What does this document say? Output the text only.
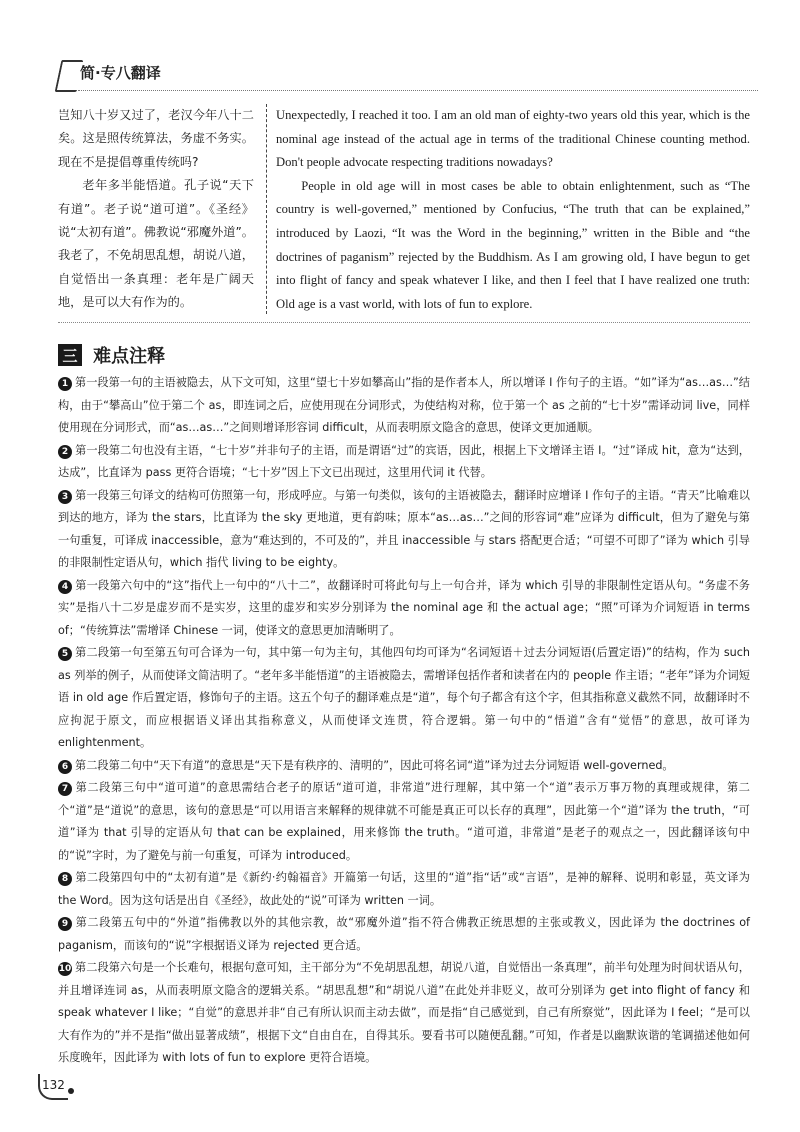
简·专八翻译

岂知八十岁又过了，老汉今年八十二矣。这是照传统算法，务虚不务实。现在不是提倡尊重传统吗?

老年多半能悟道。孔子说“天下有道”。老子说“道可道”。《圣经》说“太初有道”。佛教说“邪魔外道”。我老了，不免胡思乱想，胡说八道，自觉悟出一条真理：老年是广阔天地，是可以大有作为的。

Unexpectedly, I reached it too. I am an old man of eighty-two years old this year, which is the nominal age instead of the actual age in terms of the traditional Chinese counting method. Don't people advocate respecting traditions nowadays?

People in old age will in most cases be able to obtain enlightenment, such as “The country is well-governed,” mentioned by Confucius, “The truth that can be explained,” introduced by Laozi, “It was the Word in the beginning,” written in the Bible and “the doctrines of paganism” rejected by the Buddhism. As I am growing old, I have begun to get into flight of fancy and speak whatever I like, and then I feel that I have realized one truth: Old age is a vast world, with lots of fun to explore.

三 难点注释

1 第一段第一句的主语被隐去，从下文可知，这里“望七十岁如攀高山”指的是作者本人，所以增译 I 作句子的主语。“如”译为“as…as…”结构，由于“攀高山”位于第二个 as，即连词之后，应使用现在分词形式，为使结构对称，位于第一个 as 之前的“七十岁”需译动词 live，同样使用现在分词形式，而“as…as…”之间则增译形容词 difficult，从而表明原文隐含的意思，使译文更加通顺。

2 第一段第二句也没有主语，“七十岁”并非句子的主语，而是谓语“过”的宾语，因此，根据上下文增译主语 I。“过”译成 hit，意为“达到，达成”，比直译为 pass 更符合语境；“七十岁”因上下文已出现过，这里用代词 it 代替。

3 第一段第三句译文的结构可仿照第一句，形成呼应。与第一句类似，该句的主语被隐去，翻译时应增译 I 作句子的主语。“青天”比喻难以到达的地方，译为 the stars，比直译为 the sky 更地道，更有韵味；原本“as…as…”之间的形容词“难”应译为 difficult，但为了避免与第一句重复，可译成 inaccessible，意为“难达到的，不可及的”，并且 inaccessible 与 stars 搭配更合适；“可望不可即了”译为 which 引导的非限制性定语从句，which 指代 living to be eighty。

4 第一段第六句中的“这”指代上一句中的“八十二”，故翻译时可将此句与上一句合并，译为 which 引导的非限制性定语从句。“务虚不务实”是指八十二岁是虚岁而不是实岁，这里的虚岁和实岁分别译为 the nominal age 和 the actual age；“照”可译为介词短语 in terms of；“传统算法”需增译 Chinese 一词，使译文的意思更加清晰明了。

5 第二段第一句至第五句可合译为一句，其中第一句为主句，其他四句均可译为“名词短语＋过去分词短语(后置定语)”的结构，作为 such as 列举的例子，从而使译文简洁明了。“老年多半能悟道”的主语被隐去，需增译包括作者和读者在内的 people 作主语；“老年”译为介词短语 in old age 作后置定语，修饰句子的主语。这五个句子的翻译难点是“道”，每个句子都含有这个字，但其指称意义截然不同，故翻译时不应拘泥于原文，而应根据语义译出其指称意义，从而使译文连贯，符合逻辑。第一句中的“悟道”含有“觉悟”的意思，故可译为 enlightenment。

6 第二段第二句中“天下有道”的意思是“天下是有秩序的、清明的”，因此可将名词“道”译为过去分词短语 well-governed。

7 第二段第三句中“道可道”的意思需结合老子的原话“道可道，非常道”进行理解，其中第一个“道”表示万事万物的真理或规律，第二个“道”是“道说”的意思，该句的意思是“可以用语言来解释的规律就不可能是真正可以长存的真理”，因此第一个“道”译为 the truth，“可道”译为 that 引导的定语从句 that can be explained，用来修饰 the truth。“道可道，非常道”是老子的观点之一，因此翻译该句中的“说”字时，为了避免与前一句重复，可译为 introduced。

8 第二段第四句中的“太初有道”是《新约·约翰福音》开篇第一句话，这里的“道”指“话”或“言语”，是神的解释、说明和彰显，英文译为 the Word。因为这句话是出自《圣经》，故此处的“说”可译为 written 一词。

9 第二段第五句中的“外道”指佛教以外的其他宗教，故“邪魔外道”指不符合佛教正统思想的主张或教义，因此译为 the doctrines of paganism，而该句的“说”字根据语义译为 rejected 更合适。

10 第二段第六句是一个长难句，根据句意可知，主干部分为“不免胡思乱想，胡说八道，自觉悟出一条真理”，前半句处理为时间状语从句，并且增译连词 as，从而表明原文隐含的逻辑关系。“胡思乱想”和“胡说八道”在此处并非贬义，故可分别译为 get into flight of fancy 和 speak whatever I like；“自觉”的意思并非“自己有所认识而主动去做”，而是指“自己感觉到，自己有所察觉”，因此译为 I feel；“是可以大有作为的”并不是指“做出显著成绩”，根据下文“自由自在，自得其乐。要看书可以随便乱翻。”可知，作者是以幽默诙谐的笔调描述他如何乐度晚年，因此译为 with lots of fun to explore 更符合语境。

132
